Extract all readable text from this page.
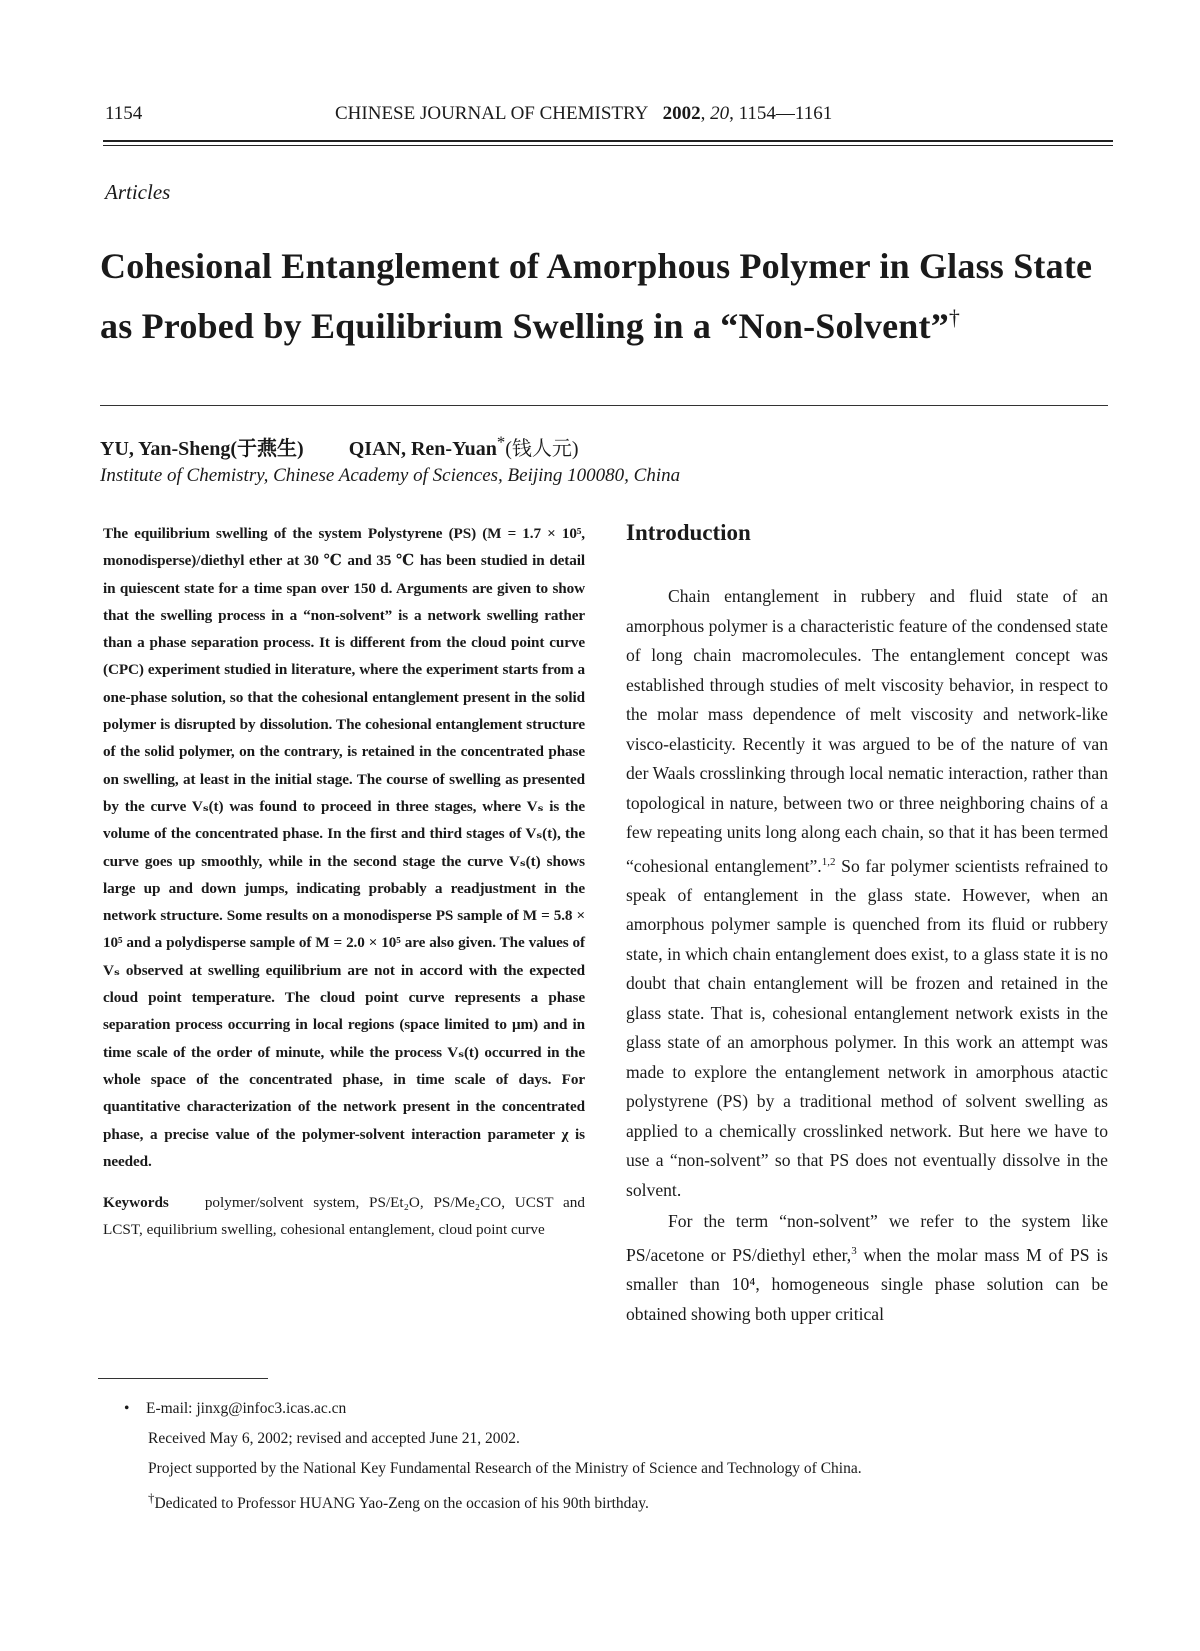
1154	CHINESE JOURNAL OF CHEMISTRY 2002, 20, 1154—1161
Articles
Cohesional Entanglement of Amorphous Polymer in Glass State
as Probed by Equilibrium Swelling in a “Non-Solvent”†
YU, Yan-Sheng(于燕生) QIAN, Ren-Yuan*(钱人元)
Institute of Chemistry, Chinese Academy of Sciences, Beijing 100080, China

The equilibrium swelling of the system Polystyrene (PS) (M = 1.7 × 10⁵, monodisperse)/diethyl ether at 30 ℃ and 35 ℃ has been studied in detail in quiescent state for a time span over 150 d. Arguments are given to show that the swelling process in a “non-solvent” is a network swelling rather than a phase separation process. It is different from the cloud point curve (CPC) experiment studied in literature, where the experiment starts from a one-phase solution, so that the cohesional entanglement present in the solid polymer is disrupted by dissolution. The cohesional entanglement structure of the solid polymer, on the contrary, is retained in the concentrated phase on swelling, at least in the initial stage. The course of swelling as presented by the curve Vₛ(t) was found to proceed in three stages, where Vₛ is the volume of the concentrated phase. In the first and third stages of Vₛ(t), the curve goes up smoothly, while in the second stage the curve Vₛ(t) shows large up and down jumps, indicating probably a readjustment in the network structure. Some results on a monodisperse PS sample of M = 5.8 × 10⁵ and a polydisperse sample of M = 2.0 × 10⁵ are also given. The values of Vₛ observed at swelling equilibrium are not in accord with the expected cloud point temperature. The cloud point curve represents a phase separation process occurring in local regions (space limited to μm) and in time scale of the order of minute, while the process Vₛ(t) occurred in the whole space of the concentrated phase, in time scale of days. For quantitative characterization of the network present in the concentrated phase, a precise value of the polymer-solvent interaction parameter χ is needed.

Keywords polymer/solvent system, PS/Et₂O, PS/Me₂CO, UCST and LCST, equilibrium swelling, cohesional entanglement, cloud point curve
Introduction

Chain entanglement in rubbery and fluid state of an amorphous polymer is a characteristic feature of the condensed state of long chain macromolecules. The entanglement concept was established through studies of melt viscosity behavior, in respect to the molar mass dependence of melt viscosity and network-like visco-elasticity. Recently it was argued to be of the nature of van der Waals crosslinking through local nematic interaction, rather than topological in nature, between two or three neighboring chains of a few repeating units long along each chain, so that it has been termed “cohesional entanglement”.$^{1,2}$ So far polymer scientists refrained to speak of entanglement in the glass state. However, when an amorphous polymer sample is quenched from its fluid or rubbery state, in which chain entanglement does exist, to a glass state it is no doubt that chain entanglement will be frozen and retained in the glass state. That is, cohesional entanglement network exists in the glass state of an amorphous polymer. In this work an attempt was made to explore the entanglement network in amorphous atactic polystyrene (PS) by a traditional method of solvent swelling as applied to a chemically crosslinked network. But here we have to use a “non-solvent” so that PS does not eventually dissolve in the solvent.

For the term “non-solvent” we refer to the system like PS/acetone or PS/diethyl ether,$^3$ when the molar mass M of PS is smaller than 10⁴, homogeneous single phase solution can be obtained showing both upper critical

• E-mail: jinxg@infoc3.icas.ac.cn
Received May 6, 2002; revised and accepted June 21, 2002.
Project supported by the National Key Fundamental Research of the Ministry of Science and Technology of China.
†Dedicated to Professor HUANG Yao-Zeng on the occasion of his 90th birthday.
